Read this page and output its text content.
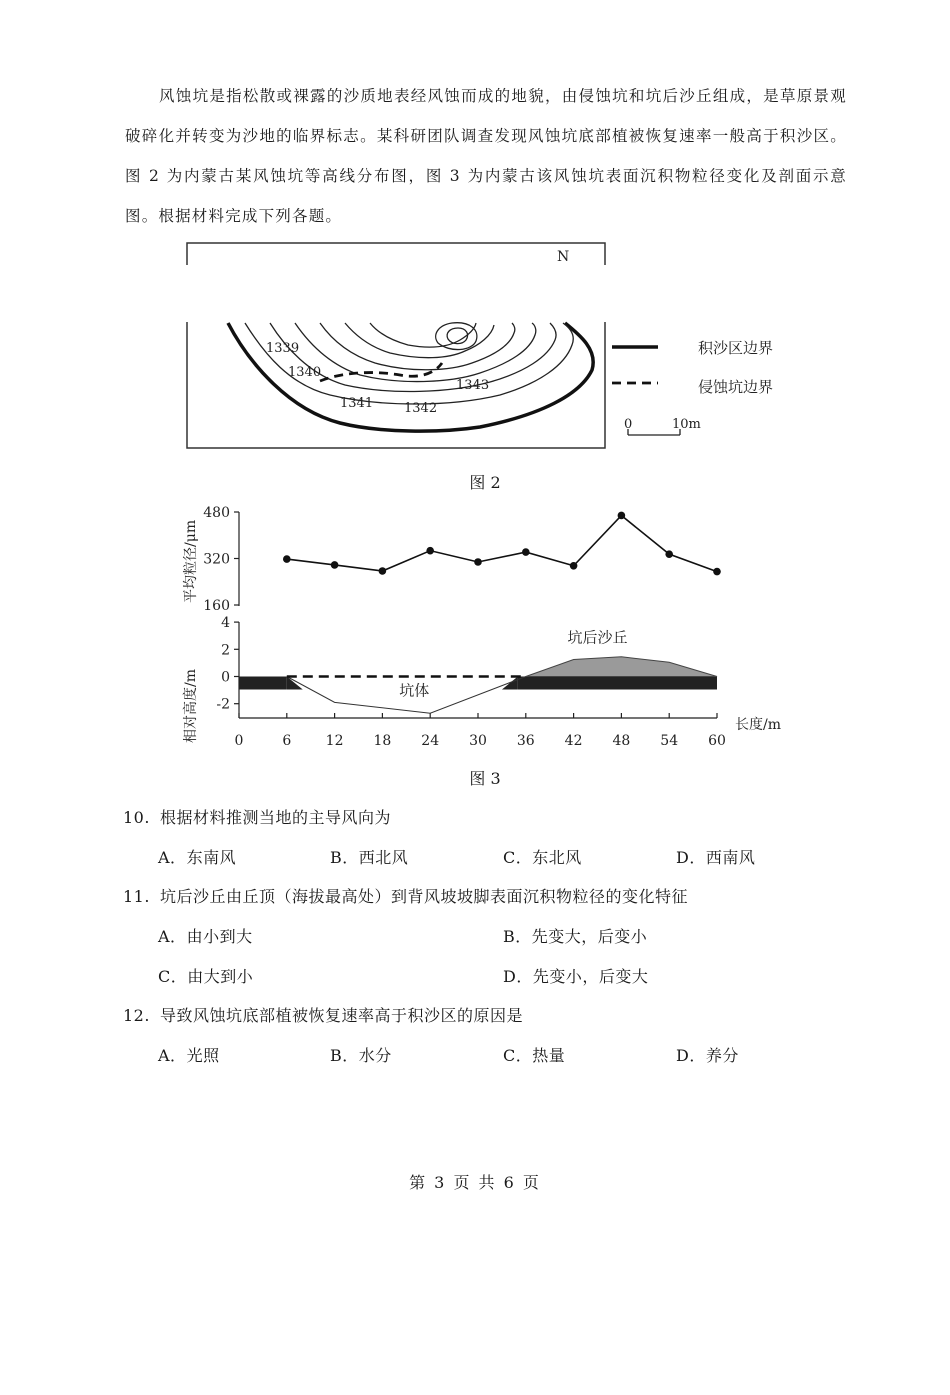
风蚀坑是指松散或裸露的沙质地表经风蚀而成的地貌，由侵蚀坑和坑后沙丘组成，是草原景观破碎化并转变为沙地的临界标志。某科研团队调查发现风蚀坑底部植被恢复速率一般高于积沙区。图 2 为内蒙古某风蚀坑等高线分布图，图 3 为内蒙古该风蚀坑表面沉积物粒径变化及剖面示意图。根据材料完成下列各题。

N
1339
1340
1341 1342
1343
积沙区边界
侵蚀坑边界
0	10m
图 2
平均粒径/μm
160
320
480
相对高度/m	长度/m
4
2
0
-2
0	6 12 18 24 30 36 42 48 54 60
坑体
坑后沙丘
图 3
10. 根据材料推测当地的主导风向为
A．东南风	B．西北风	C．东北风	D．西南风
11. 坑后沙丘由丘顶（海拔最高处）到背风坡坡脚表面沉积物粒径的变化特征
A．由小到大	B．先变大，后变小
C．由大到小	D．先变小，后变大
12. 导致风蚀坑底部植被恢复速率高于积沙区的原因是
A．光照	B．水分	C．热量	D．养分
第 3 页 共 6 页
